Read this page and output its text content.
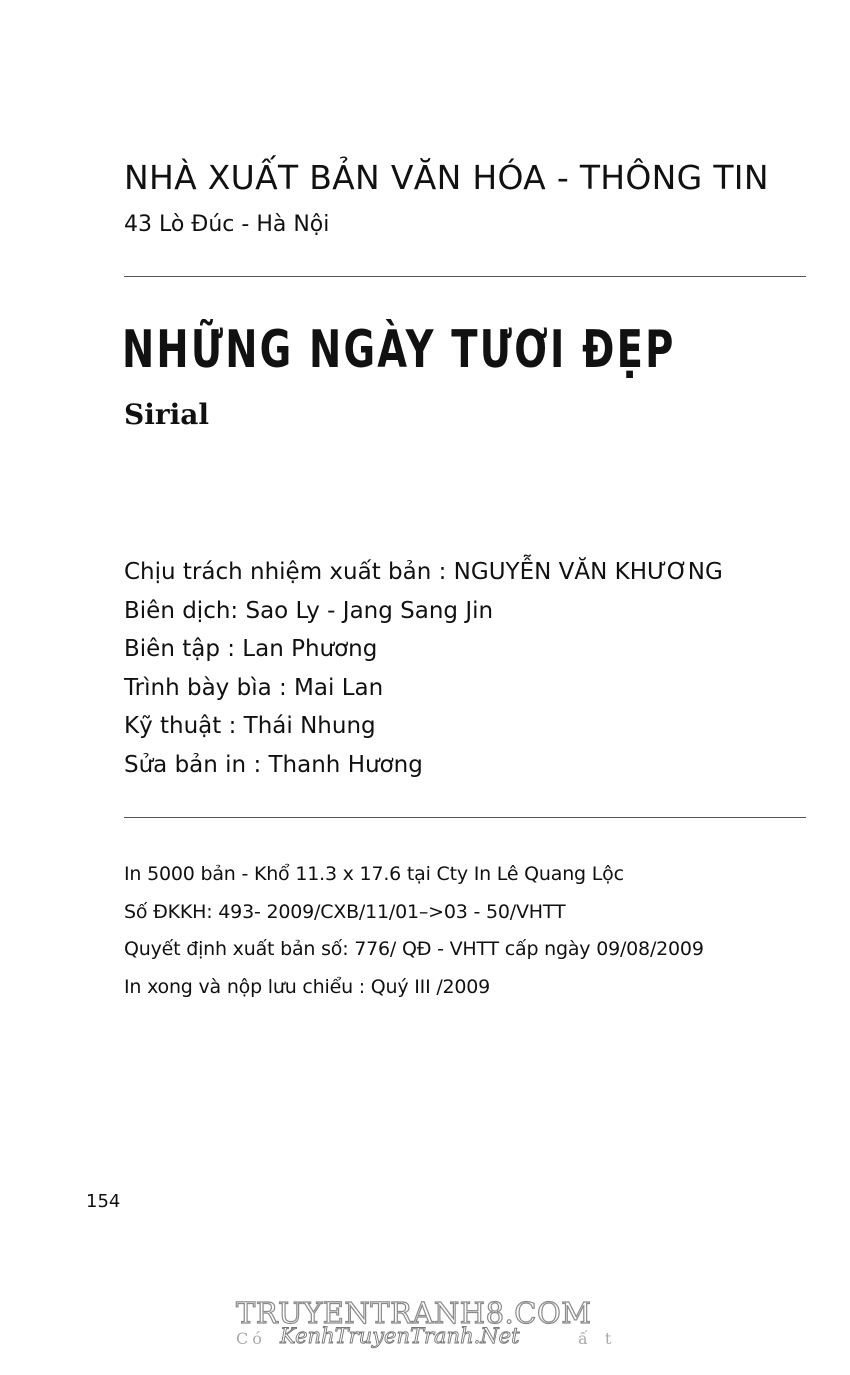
NHÀ XUẤT BẢN VĂN HÓA - THÔNG TIN
43 Lò Đúc - Hà Nội
NHỮNG NGÀY TƯƠI ĐẸP
Sirial
Chịu trách nhiệm xuất bản : NGUYỄN VĂN KHƯƠNG
Biên dịch: Sao Ly - Jang Sang Jin
Biên tập : Lan Phương
Trình bày bìa : Mai Lan
Kỹ thuật : Thái Nhung
Sửa bản in : Thanh Hương
In 5000 bản - Khổ 11.3 x 17.6 tại Cty In Lê Quang Lộc
Số ĐKKH: 493- 2009/CXB/11/01–>03 - 50/VHTT
Quyết định xuất bản số: 776/ QĐ - VHTT cấp ngày 09/08/2009
In xong và nộp lưu chiểu : Quý III /2009
154
TRUYENTRANH8.COM
Có KenhTruyenTranh.Net	ấ t
